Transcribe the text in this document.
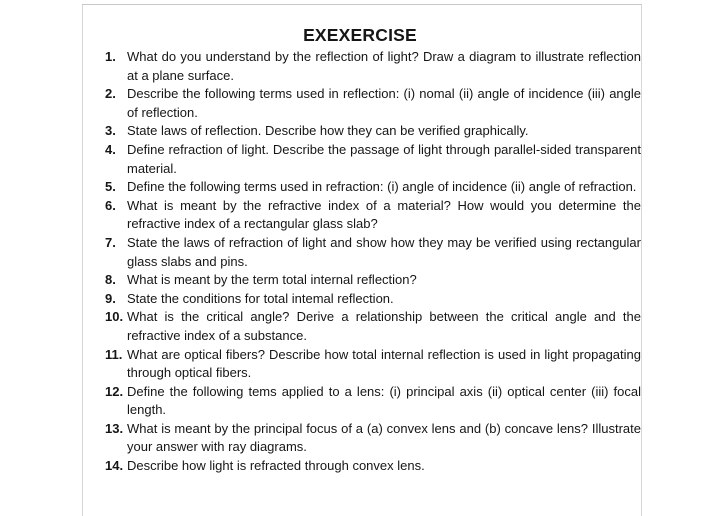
EXEXERCISE
1. What do you understand by the reflection of light? Draw a diagram to illustrate reflection at a plane surface.
2. Describe the following terms used in reflection: (i) nomal (ii) angle of incidence (iii) angle of reflection.
3. State laws of reflection. Describe how they can be verified graphically.
4. Define refraction of light. Describe the passage of light through parallel-sided transparent material.
5. Define the following terms used in refraction: (i) angle of incidence (ii) angle of refraction.
6. What is meant by the refractive index of a material? How would you determine the refractive index of a rectangular glass slab?
7. State the laws of refraction of light and show how they may be verified using rectangular glass slabs and pins.
8. What is meant by the term total internal reflection?
9. State the conditions for total intemal reflection.
10. What is the critical angle? Derive a relationship between the critical angle and the refractive index of a substance.
11. What are optical fibers? Describe how total internal reflection is used in light propagating through optical fibers.
12. Define the following tems applied to a lens: (i) principal axis (ii) optical center (iii) focal length.
13. What is meant by the principal focus of a (a) convex lens and (b) concave lens? Illustrate your answer with ray diagrams.
14. Describe how light is refracted through convex lens.
